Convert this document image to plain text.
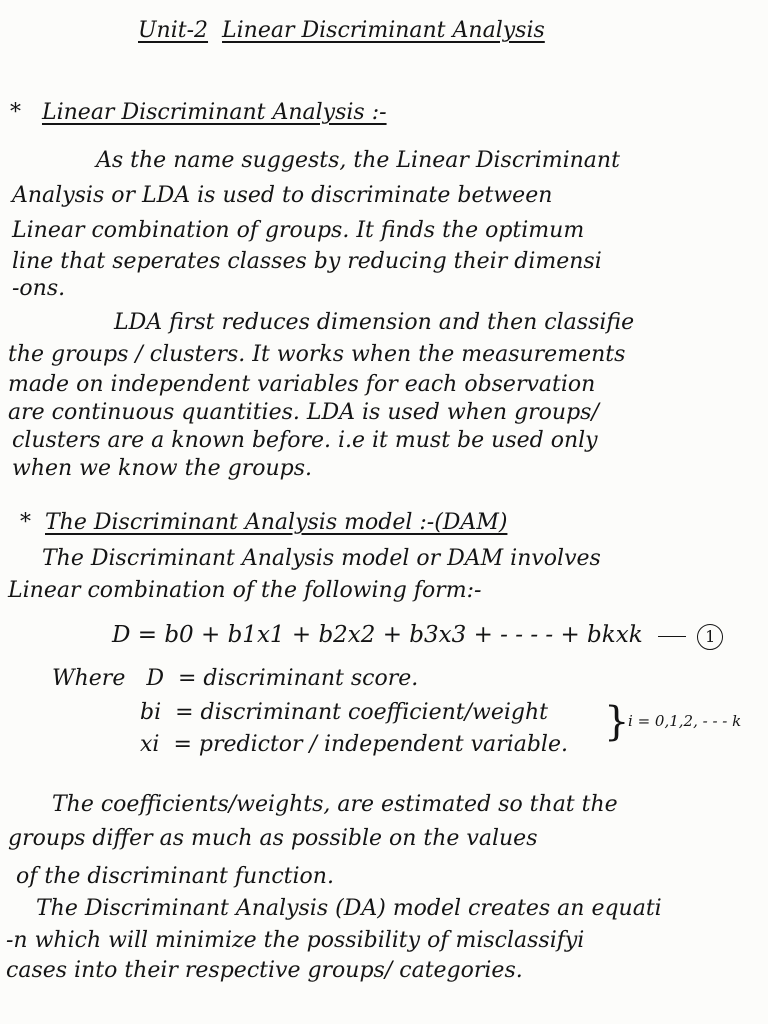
Unit-2 Linear Discriminant Analysis
* Linear Discriminant Analysis :-
As the name suggests, the Linear Discriminant
Analysis or LDA is used to discriminate between
Linear combination of groups. It finds the optimum
line that seperates classes by reducing their dimensi
-ons.
LDA first reduces dimension and then classifie
the groups / clusters. It works when the measurements
made on independent variables for each observation
are continuous quantities. LDA is used when groups/
clusters are a known before. i.e it must be used only
when we know the groups.
* The Discriminant Analysis model :-(DAM)
The Discriminant Analysis model or DAM involves
Linear combination of the following form:-
D = b0 + b1x1 + b2x2 + b3x3 + - - - - + bkxk	1
Where D = discriminant score.
bi = discriminant coefficient/weight
xi = predictor / independent variable. }
i = 0,1,2, - - - k
The coefficients/weights, are estimated so that the
groups differ as much as possible on the values
of the discriminant function.
The Discriminant Analysis (DA) model creates an equati
-n which will minimize the possibility of misclassifyi
cases into their respective groups/ categories.
